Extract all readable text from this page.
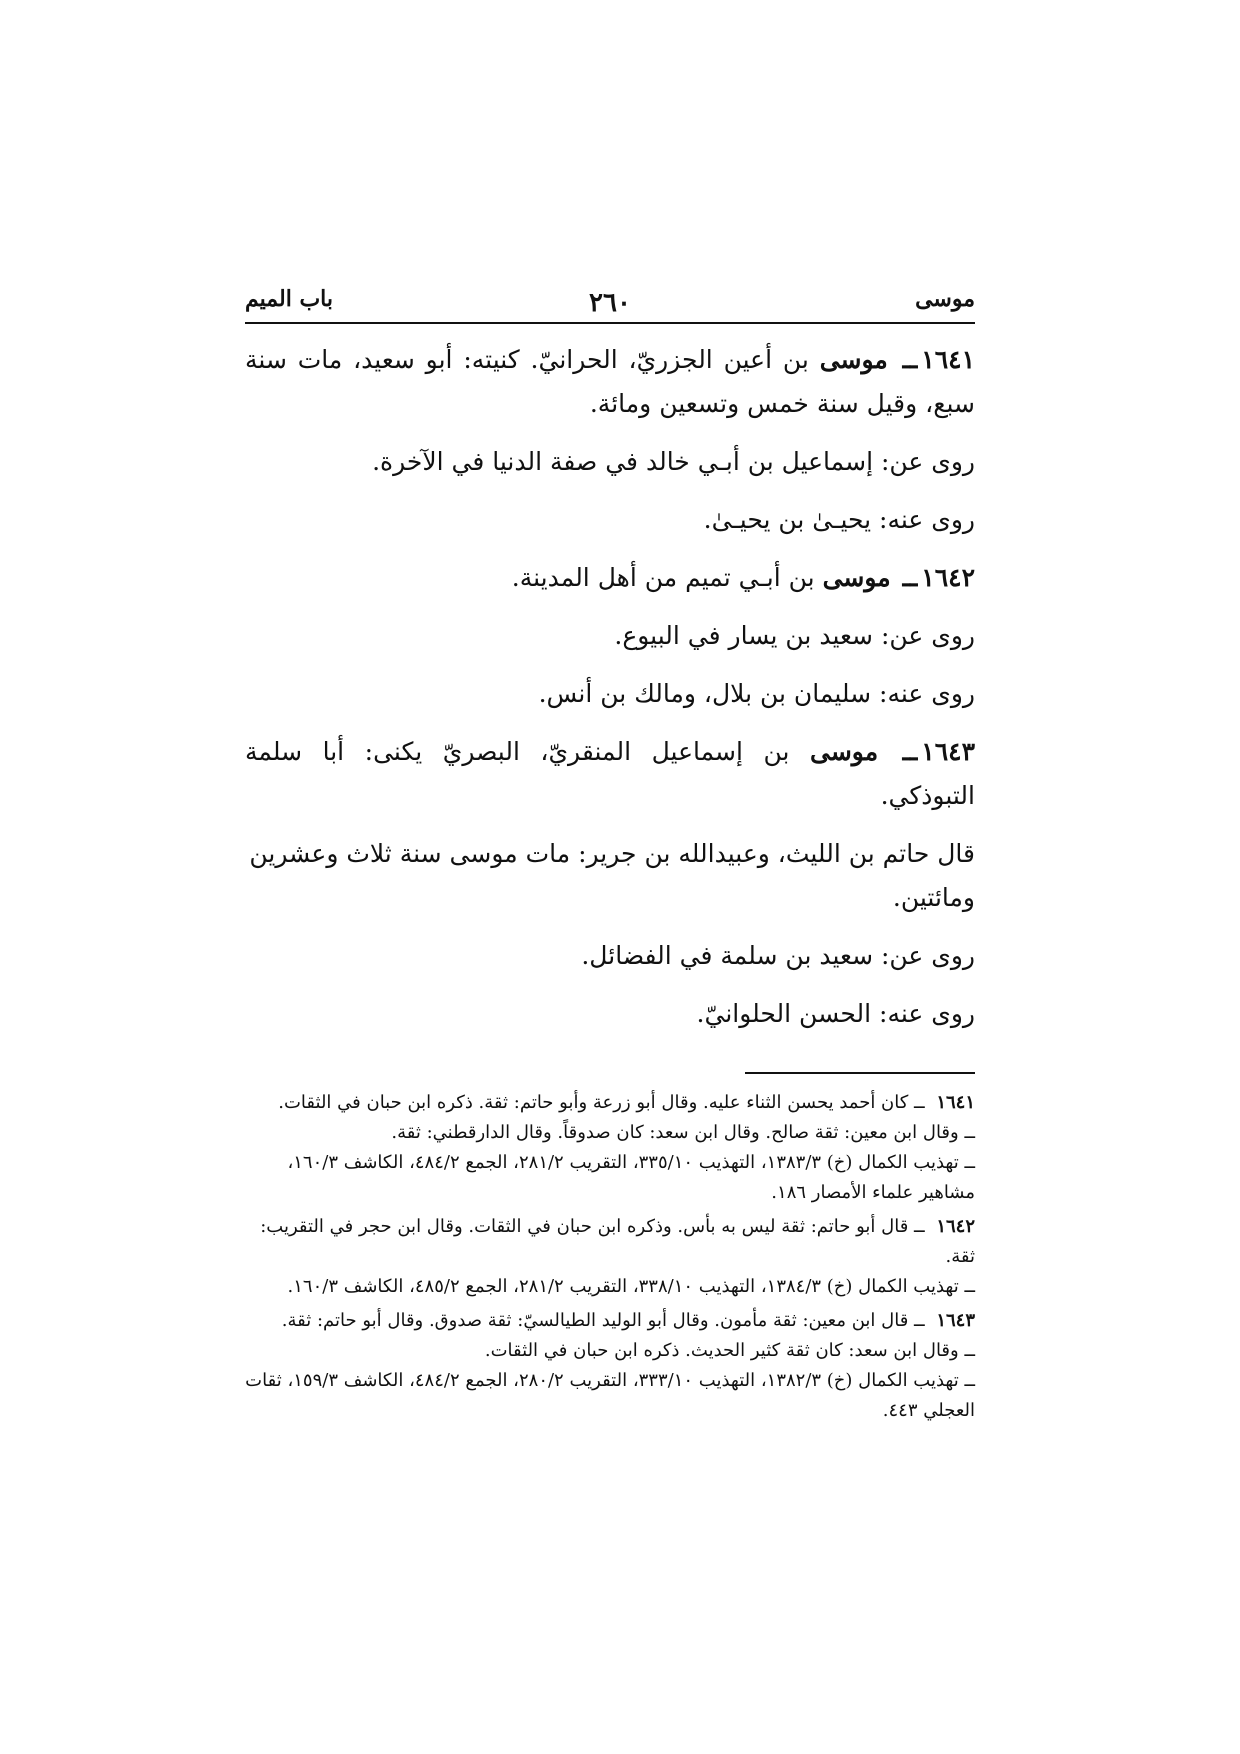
موسى
٢٦٠
باب الميم

١٦٤١ــ موسى بن أعين الجزريّ، الحرانيّ. كنيته: أبو سعيد، مات سنة سبع، وقيل سنة خمس وتسعين ومائة.

روى عن: إسماعيل بن أبـي خالد في صفة الدنيا في الآخرة.

روى عنه: يحيـىٰ بن يحيـىٰ.

١٦٤٢ــ موسى بن أبـي تميم من أهل المدينة.

روى عن: سعيد بن يسار في البيوع.

روى عنه: سليمان بن بلال، ومالك بن أنس.

١٦٤٣ــ موسى بن إسماعيل المنقريّ، البصريّ يكنى: أبا سلمة التبوذكي.

قال حاتم بن الليث، وعبيدالله بن جرير: مات موسى سنة ثلاث وعشرين ومائتين.

روى عن: سعيد بن سلمة في الفضائل.

روى عنه: الحسن الحلوانيّ.

١٦٤١ ــ كان أحمد يحسن الثناء عليه. وقال أبو زرعة وأبو حاتم: ثقة. ذكره ابن حبان في الثقات.

ــ وقال ابن معين: ثقة صالح. وقال ابن سعد: كان صدوقاً. وقال الدارقطني: ثقة.

ــ تهذيب الكمال (خ) ١٣٨٣/٣، التهذيب ٣٣٥/١٠، التقريب ٢٨١/٢، الجمع ٤٨٤/٢، الكاشف ١٦٠/٣، مشاهير علماء الأمصار ١٨٦.

١٦٤٢ ــ قال أبو حاتم: ثقة ليس به بأس. وذكره ابن حبان في الثقات. وقال ابن حجر في التقريب: ثقة.

ــ تهذيب الكمال (خ) ١٣٨٤/٣، التهذيب ٣٣٨/١٠، التقريب ٢٨١/٢، الجمع ٤٨٥/٢، الكاشف ١٦٠/٣.

١٦٤٣ ــ قال ابن معين: ثقة مأمون. وقال أبو الوليد الطيالسيّ: ثقة صدوق. وقال أبو حاتم: ثقة.

ــ وقال ابن سعد: كان ثقة كثير الحديث. ذكره ابن حبان في الثقات.

ــ تهذيب الكمال (خ) ١٣٨٢/٣، التهذيب ٣٣٣/١٠، التقريب ٢٨٠/٢، الجمع ٤٨٤/٢، الكاشف ١٥٩/٣، ثقات العجلي ٤٤٣.
